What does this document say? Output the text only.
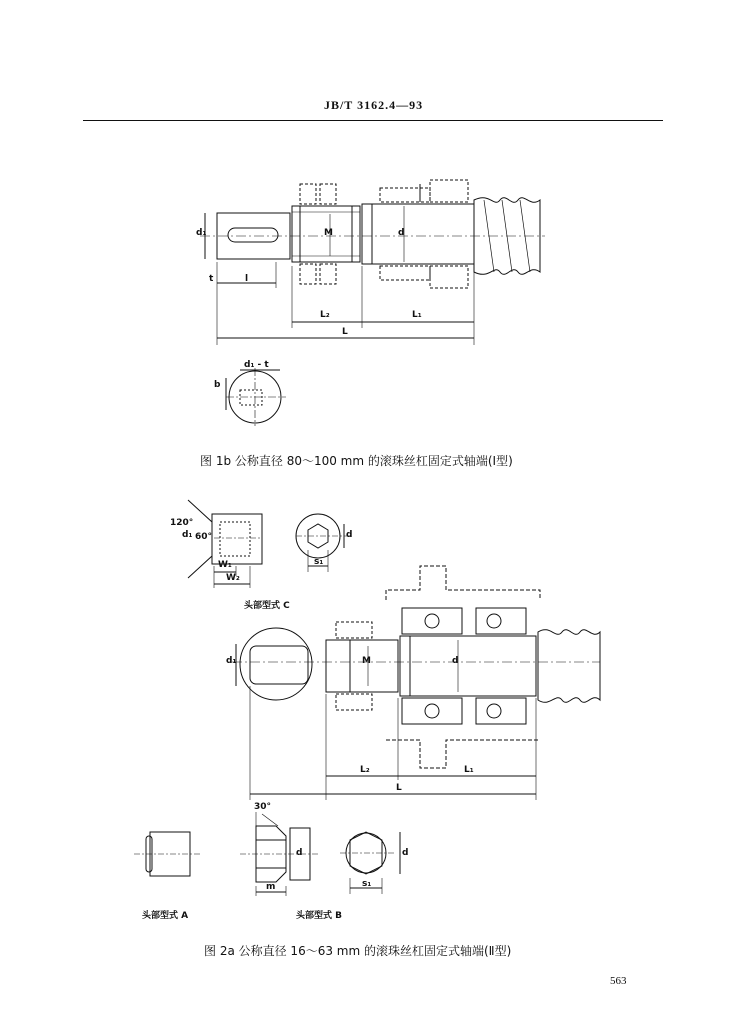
JB/T 3162.4—93
d₁	M	d
t	l
L₂	L₁
L
d₁ - t
b
图 1b 公称直径 80～100 mm 的滚珠丝杠固定式轴端(Ⅰ型)
120°
60°
d₁
W₁
W₂
s₁
d
头部型式 C
d₁	M	d
L₂	L₁
L
30°
d
m	s₁
d
头部型式 A	头部型式 B
图 2a 公称直径 16～63 mm 的滚珠丝杠固定式轴端(Ⅱ型)
563
